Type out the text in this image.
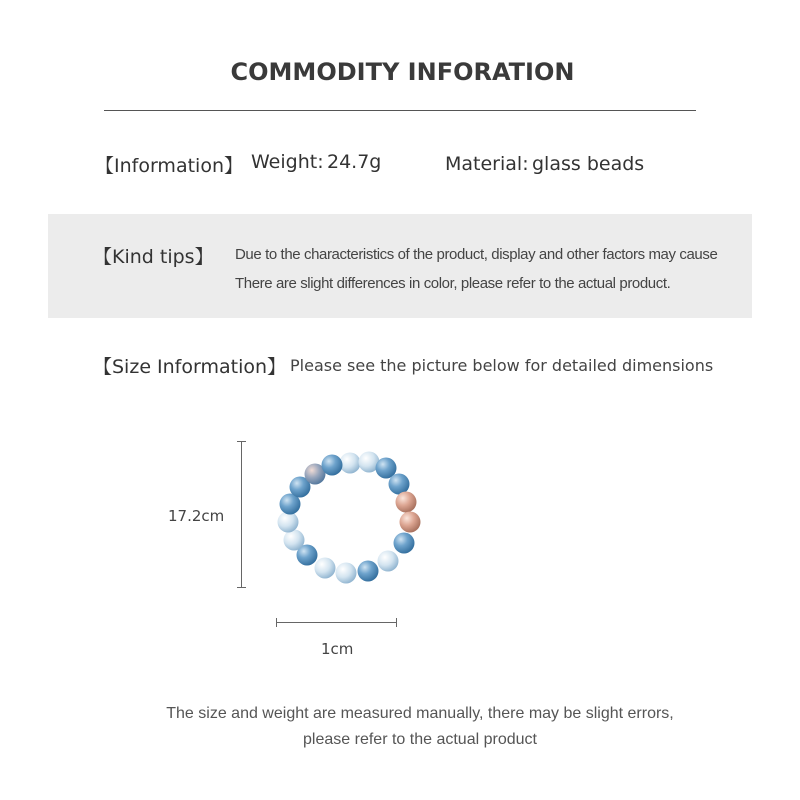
COMMODITY INFORATION
【Information】 Weight: 24.7g	Material: glass beads
【Kind tips】 Due to the characteristics of the product, display and other factors may cause
There are slight differences in color, please refer to the actual product.
【Size Information】 Please see the picture below for detailed dimensions
17.2cm
1cm
The size and weight are measured manually, there may be slight errors,
please refer to the actual product
